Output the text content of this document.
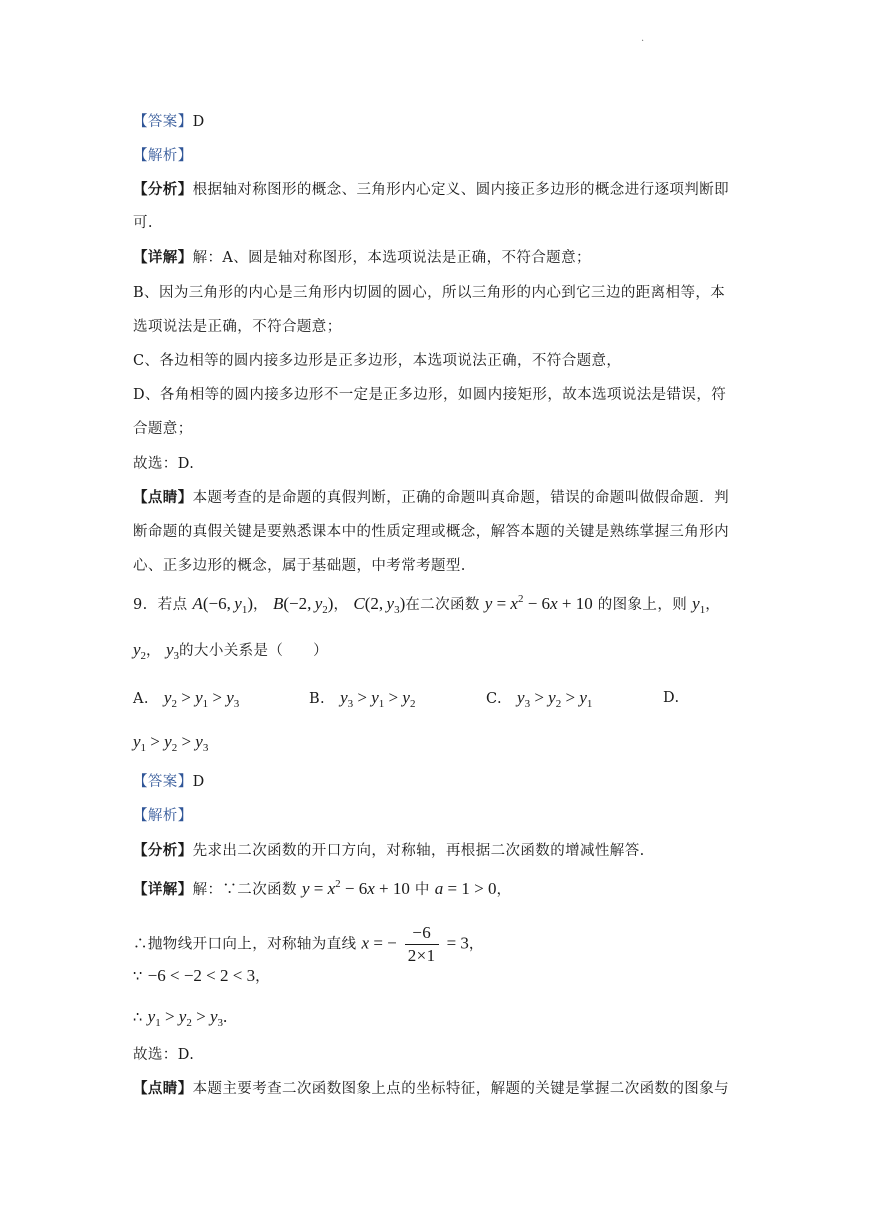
.
【答案】D
【解析】
【分析】根据轴对称图形的概念、三角形内心定义、圆内接正多边形的概念进行逐项判断即
可.
【详解】解：A、圆是轴对称图形，本选项说法是正确，不符合题意；
B、因为三角形的内心是三角形内切圆的圆心，所以三角形的内心到它三边的距离相等，本
选项说法是正确，不符合题意；
C、各边相等的圆内接多边形是正多边形，本选项说法正确，不符合题意，
D、各角相等的圆内接多边形不一定是正多边形，如圆内接矩形，故本选项说法是错误，符
合题意；
故选：D.
【点睛】本题考查的是命题的真假判断，正确的命题叫真命题，错误的命题叫做假命题．判
断命题的真假关键是要熟悉课本中的性质定理或概念，解答本题的关键是熟练掌握三角形内
心、正多边形的概念，属于基础题，中考常考题型.
9. 若点 A(−6, $y_1$)， B(−2, $y_2$)， C(2, $y_3$)在二次函数 $y = x^2 - 6x + 10$ 的图象上，则 $y_1$，
$y_2$， $y_3$的大小关系是（　　）
A. $y_2 > y_1 > y_3$	B. $y_3 > y_1 > y_2$	C. $y_3 > y_2 > y_1$	D.
$y_1 > y_2 > y_3$
【答案】D
【解析】
【分析】先求出二次函数的开口方向，对称轴，再根据二次函数的增减性解答.
【详解】解：∵二次函数 $y = x^2 - 6x + 10$ 中 a = 1 > 0，
∴抛物线开口向上，对称轴为直线 x = − $\frac{-6}{2\times 1} = 3$，
∵ −6 < −2 < 2 < 3，
∴ $y_1 > y_2 > y_3$.
故选：D.
【点睛】本题主要考查二次函数图象上点的坐标特征，解题的关键是掌握二次函数的图象与
